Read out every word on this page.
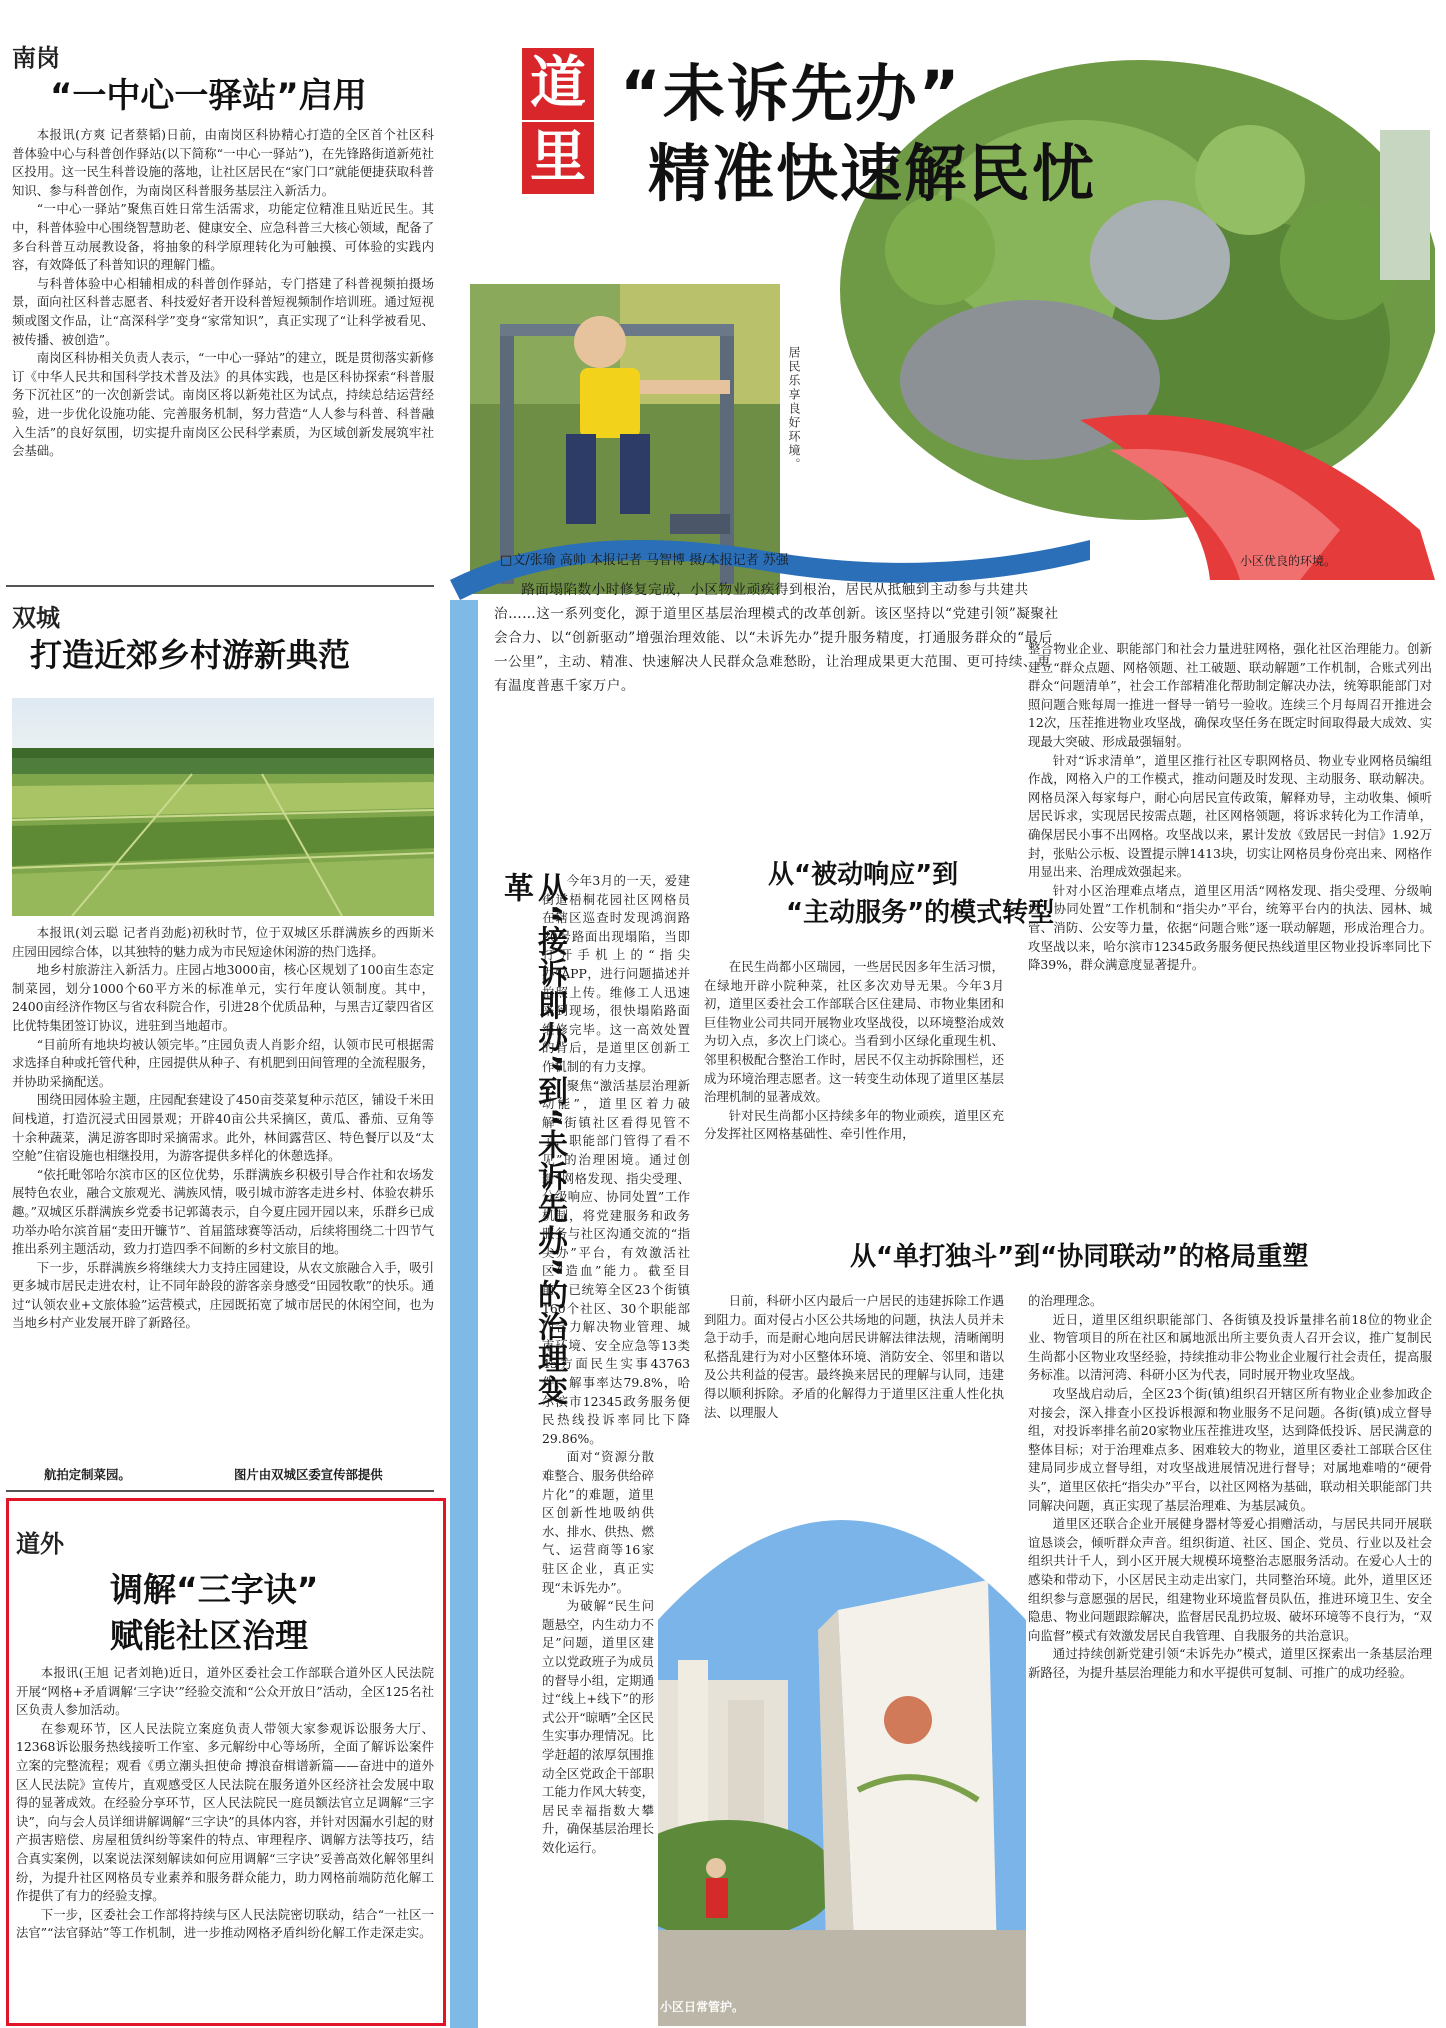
南岗
“一中心一驿站”启用
本报讯(方爽 记者蔡韬)日前，由南岗区科协精心打造的全区首个社区科普体验中心与科普创作驿站(以下简称“一中心一驿站”)，在先锋路街道新苑社区投用。这一民生科普设施的落地，让社区居民在“家门口”就能便捷获取科普知识、参与科普创作，为南岗区科普服务基层注入新活力。
“一中心一驿站”聚焦百姓日常生活需求，功能定位精准且贴近民生。其中，科普体验中心围绕智慧助老、健康安全、应急科普三大核心领域，配备了多台科普互动展教设备，将抽象的科学原理转化为可触摸、可体验的实践内容，有效降低了科普知识的理解门槛。
与科普体验中心相辅相成的科普创作驿站，专门搭建了科普视频拍摄场景，面向社区科普志愿者、科技爱好者开设科普短视频制作培训班。通过短视频或图文作品，让“高深科学”变身“家常知识”，真正实现了“让科学被看见、被传播、被创造”。
南岗区科协相关负责人表示，“一中心一驿站”的建立，既是贯彻落实新修订《中华人民共和国科学技术普及法》的具体实践，也是区科协探索“科普服务下沉社区”的一次创新尝试。南岗区将以新苑社区为试点，持续总结运营经验，进一步优化设施功能、完善服务机制，努力营造“人人参与科普、科普融入生活”的良好氛围，切实提升南岗区公民科学素质，为区域创新发展筑牢社会基础。
双城
打造近郊乡村游新典范
本报讯(刘云聪 记者肖劲彪)初秋时节，位于双城区乐群满族乡的西斯米庄园田园综合体，以其独特的魅力成为市民短途休闲游的热门选择。
地乡村旅游注入新活力。庄园占地3000亩，核心区规划了100亩生态定制菜园，划分1000个60平方米的标准单元，实行年度认领制度。其中，2400亩经济作物区与省农科院合作，引进28个优质品种，与黑吉辽蒙四省区比优特集团签订协议，进驻到当地超市。
“目前所有地块均被认领完毕。”庄园负责人肖影介绍，认领市民可根据需求选择自种或托管代种，庄园提供从种子、有机肥到田间管理的全流程服务，并协助采摘配送。
围绕田园体验主题，庄园配套建设了450亩茭菜复种示范区，铺设千米田间栈道，打造沉浸式田园景观；开辟40亩公共采摘区，黄瓜、番茄、豆角等十余种蔬菜，满足游客即时采摘需求。此外，林间露营区、特色餐厅以及“太空舱”住宿设施也相继投用，为游客提供多样化的休憩选择。
“依托毗邻哈尔滨市区的区位优势，乐群满族乡积极引导合作社和农场发展特色农业，融合文旅观光、满族风情，吸引城市游客走进乡村、体验农耕乐趣。”双城区乐群满族乡党委书记郭蔼表示，自今夏庄园开园以来，乐群乡已成功举办哈尔滨首届“麦田开镰节”、首届篮球赛等活动，后续将围绕二十四节气推出系列主题活动，致力打造四季不间断的乡村文旅目的地。
下一步，乐群满族乡将继续大力支持庄园建设，从农文旅融合入手，吸引更多城市居民走进农村，让不同年龄段的游客亲身感受“田园牧歌”的快乐。通过“认领农业+文旅体验”运营模式，庄园既拓宽了城市居民的休闲空间，也为当地乡村产业发展开辟了新路径。
航拍定制菜园。	图片由双城区委宣传部提供
道外
调解“三字诀”
赋能社区治理
本报讯(王旭 记者刘艳)近日，道外区委社会工作部联合道外区人民法院开展“网格+矛盾调解‘三字诀’”经验交流和“公众开放日”活动，全区125名社区负责人参加活动。
在参观环节，区人民法院立案庭负责人带领大家参观诉讼服务大厅、12368诉讼服务热线接听工作室、多元解纷中心等场所，全面了解诉讼案件立案的完整流程；观看《勇立潮头担使命 搏浪奋楫谱新篇——奋进中的道外区人民法院》宣传片，直观感受区人民法院在服务道外区经济社会发展中取得的显著成效。在经验分享环节，区人民法院民一庭员额法官立足调解“三字诀”，向与会人员详细讲解调解“三字诀”的具体内容，并针对因漏水引起的财产损害赔偿、房屋租赁纠纷等案件的特点、审理程序、调解方法等技巧，结合真实案例，以案说法深刻解读如何应用调解“三字诀”妥善高效化解邻里纠纷，为提升社区网格员专业素养和服务群众能力，助力网格前端防范化解工作提供了有力的经验支撑。
下一步，区委社会工作部将持续与区人民法院密切联动，结合“一社区一法官”“法官驿站”等工作机制，进一步推动网格矛盾纠纷化解工作走深走实。
居民乐享良好环境。
小区优良的环境。
道
里
“未诉先办”
精准快速解民忧
□文/张瑜 高帅 本报记者 马智博 摄/本报记者 苏强
路面塌陷数小时修复完成，小区物业顽疾得到根治，居民从抵触到主动参与共建共治……这一系列变化，源于道里区基层治理模式的改革创新。该区坚持以“党建引领”凝聚社会合力、以“创新驱动”增强治理效能、以“未诉先办”提升服务精度，打通服务群众的“最后一公里”，主动、精准、快速解决人民群众急难愁盼，让治理成果更大范围、更可持续、更有温度普惠千家万户。
从“接诉即办”到“未诉先办”的治理变革	今年3月的一天，爱建街道梧桐花园社区网格员在辖区巡查时发现鸿润路20号路面出现塌陷，当即打开手机上的“指尖办”APP，进行问题描述并拍照上传。维修工人迅速来到现场，很快塌陷路面维修完毕。这一高效处置的背后，是道里区创新工作机制的有力支撑。
聚焦“激活基层治理新动能”，道里区着力破解“街镇社区看得见管不了，职能部门管得了看不见”的治理困境。通过创新“网格发现、指尖受理、分级响应、协同处置”工作机制，将党建服务和政务服务与社区沟通交流的“指尖办”平台，有效激活社区“造血”能力。截至目前，已统筹全区23个街镇160个社区、30个职能部门合力解决物业管理、城市环境、安全应急等13类45方面民生实事43763件，解事率达79.8%，哈尔滨市12345政务服务便民热线投诉率同比下降29.86%。
面对“资源分散难整合、服务供给碎片化”的难题，道里区创新性地吸纳供水、排水、供热、燃气、运营商等16家驻区企业，真正实现“未诉先办”。
为破解“民生问题悬空，内生动力不足”问题，道里区建立以党政班子为成员的督导小组，定期通过“线上+线下”的形式公开“晾晒”全区民生实事办理情况。比学赶超的浓厚氛围推动全区党政企干部职工能力作风大转变，居民幸福指数大攀升，确保基层治理长效化运行。
从“被动响应”到
“主动服务”的模式转型
在民生尚都小区瑞园，一些居民因多年生活习惯，在绿地开辟小院种菜，社区多次劝导无果。今年3月初，道里区委社会工作部联合区住建局、市物业集团和巨佳物业公司共同开展物业攻坚战役，以环境整治成效为切入点，多次上门谈心。当看到小区绿化重现生机、邻里积极配合整治工作时，居民不仅主动拆除围栏，还成为环境治理志愿者。这一转变生动体现了道里区基层治理机制的显著成效。
针对民生尚都小区持续多年的物业顽疾，道里区充分发挥社区网格基础性、牵引性作用，
整合物业企业、职能部门和社会力量进驻网格，强化社区治理能力。创新建立“群众点题、网格领题、社工破题、联动解题”工作机制，合账式列出群众“问题清单”，社会工作部精准化帮助制定解决办法，统筹职能部门对照问题合账每周一推进一督导一销号一验收。连续三个月每周召开推进会12次，压茬推进物业攻坚战，确保攻坚任务在既定时间取得最大成效、实现最大突破、形成最强辐射。
针对“诉求清单”，道里区推行社区专职网格员、物业专业网格员编组作战，网格入户的工作模式，推动问题及时发现、主动服务、联动解决。网格员深入每家每户，耐心向居民宣传政策，解释劝导，主动收集、倾听居民诉求，实现居民按需点题，社区网格领题，将诉求转化为工作清单，确保居民小事不出网格。攻坚战以来，累计发放《致居民一封信》1.92万封，张贴公示板、设置提示牌1413块，切实让网格员身份亮出来、网格作用显出来、治理成效强起来。
针对小区治理难点堵点，道里区用活“网格发现、指尖受理、分级响应、协同处置”工作机制和“指尖办”平台，统筹平台内的执法、园林、城管、消防、公安等力量，依据“问题合账”逐一联动解题，形成治理合力。攻坚战以来，哈尔滨市12345政务服务便民热线道里区物业投诉率同比下降39%，群众满意度显著提升。
从“单打独斗”到“协同联动”的格局重塑
日前，科研小区内最后一户居民的违建拆除工作遇到阻力。面对侵占小区公共场地的问题，执法人员并未急于动手，而是耐心地向居民讲解法律法规，清晰阐明私搭乱建行为对小区整体环境、消防安全、邻里和谐以及公共利益的侵害。最终换来居民的理解与认同，违建得以顺利拆除。矛盾的化解得力于道里区注重人性化执法、以理服人
的治理理念。
近日，道里区组织职能部门、各街镇及投诉量排名前18位的物业企业、物管项目的所在社区和属地派出所主要负责人召开会议，推广复制民生尚都小区物业攻坚经验，持续推动非公物业企业履行社会责任，提高服务标准。以清河湾、科研小区为代表，同时展开物业攻坚战。
攻坚战启动后，全区23个街(镇)组织召开辖区所有物业企业参加政企对接会，深入排查小区投诉根源和物业服务不足问题。各街(镇)成立督导组，对投诉率排名前20家物业压茬推进攻坚，达到降低投诉、居民满意的整体目标；对于治理难点多、困难较大的物业，道里区委社工部联合区住建局同步成立督导组，对攻坚战进展情况进行督导；对属地难啃的“硬骨头”，道里区依托“指尖办”平台，以社区网格为基础，联动相关职能部门共同解决问题，真正实现了基层治理难、为基层减负。
道里区还联合企业开展健身器材等爱心捐赠活动，与居民共同开展联谊恳谈会，倾听群众声音。组织街道、社区、国企、党员、行业以及社会组织共计千人，到小区开展大规模环境整治志愿服务活动。在爱心人士的感染和带动下，小区居民主动走出家门，共同整治环境。此外，道里区还组织参与意愿强的居民，组建物业环境监督员队伍，推进环境卫生、安全隐患、物业问题跟踪解决，监督居民乱扔垃圾、破坏环境等不良行为，“双向监督”模式有效激发居民自我管理、自我服务的共治意识。
通过持续创新党建引领“未诉先办”模式，道里区探索出一条基层治理新路径，为提升基层治理能力和水平提供可复制、可推广的成功经验。
小区日常管护。
